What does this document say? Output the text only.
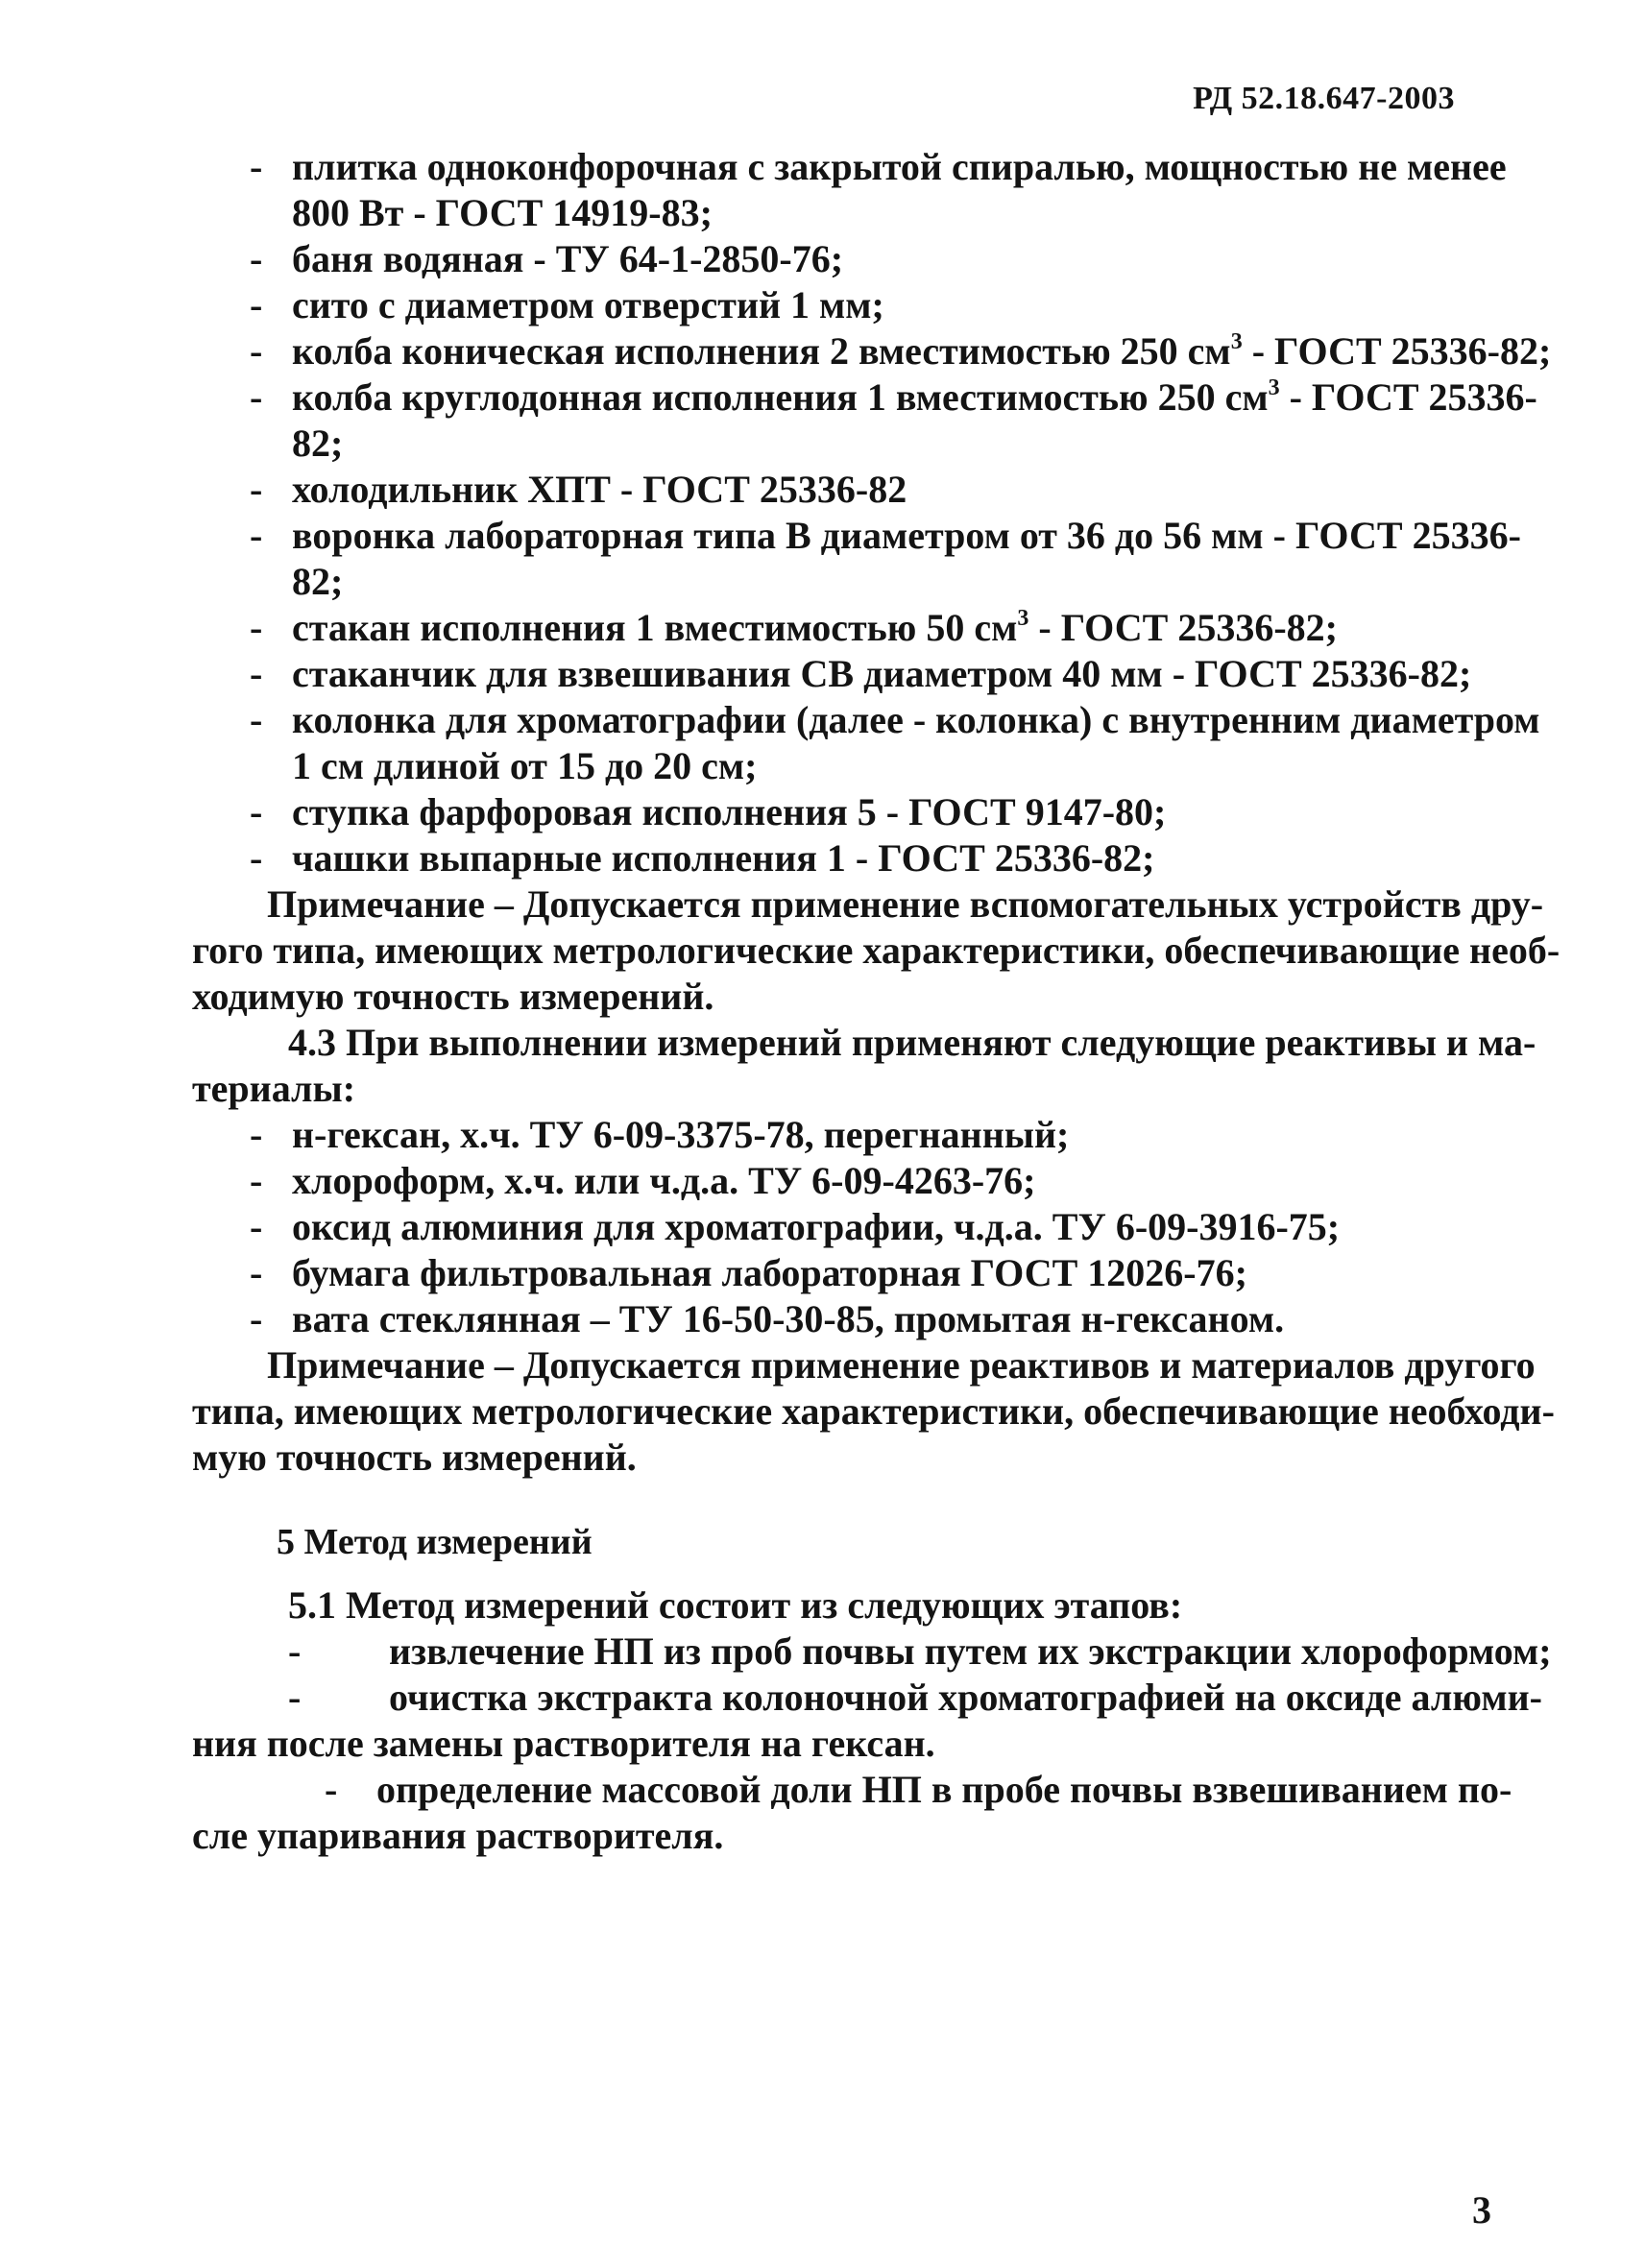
РД 52.18.647-2003
- плитка одноконфорочная с закрытой спиралью, мощностью не менее
800 Вт - ГОСТ 14919-83;
- баня водяная - ТУ 64-1-2850-76;
- сито с диаметром отверстий 1 мм;
- колба коническая исполнения 2 вместимостью 250 $см^3$ - ГОСТ 25336-82;
- колба круглодонная исполнения 1 вместимостью 250 $см^3$ - ГОСТ 25336-
82;
- холодильник ХПТ - ГОСТ 25336-82
- воронка лабораторная типа В диаметром от 36 до 56 мм - ГОСТ 25336-
82;
- стакан исполнения 1 вместимостью 50 $см^3$ - ГОСТ 25336-82;
- стаканчик для взвешивания СВ диаметром 40 мм - ГОСТ 25336-82;
- колонка для хроматографии (далее - колонка) с внутренним диаметром
1 см длиной от 15 до 20 см;
- ступка фарфоровая исполнения 5 - ГОСТ 9147-80;
- чашки выпарные исполнения 1 - ГОСТ 25336-82;
Примечание – Допускается применение вспомогательных устройств дру-
гого типа, имеющих метрологические характеристики, обеспечивающие необ-
ходимую точность измерений.
4.3 При выполнении измерений применяют следующие реактивы и ма-
териалы:
- н-гексан, х.ч. ТУ 6-09-3375-78, перегнанный;
- хлороформ, х.ч. или ч.д.а. ТУ 6-09-4263-76;
- оксид алюминия для хроматографии, ч.д.а. ТУ 6-09-3916-75;
- бумага фильтровальная лабораторная ГОСТ 12026-76;
- вата стеклянная – ТУ 16-50-30-85, промытая н-гексаном.
Примечание – Допускается применение реактивов и материалов другого
типа, имеющих метрологические характеристики, обеспечивающие необходи-
мую точность измерений.
5 Метод измерений
5.1 Метод измерений состоит из следующих этапов:
- извлечение НП из проб почвы путем их экстракции хлороформом;
- очистка экстракта колоночной хроматографией на оксиде алюми-
ния после замены растворителя на гексан.
- определение массовой доли НП в пробе почвы взвешиванием по-
сле упаривания растворителя.
3
